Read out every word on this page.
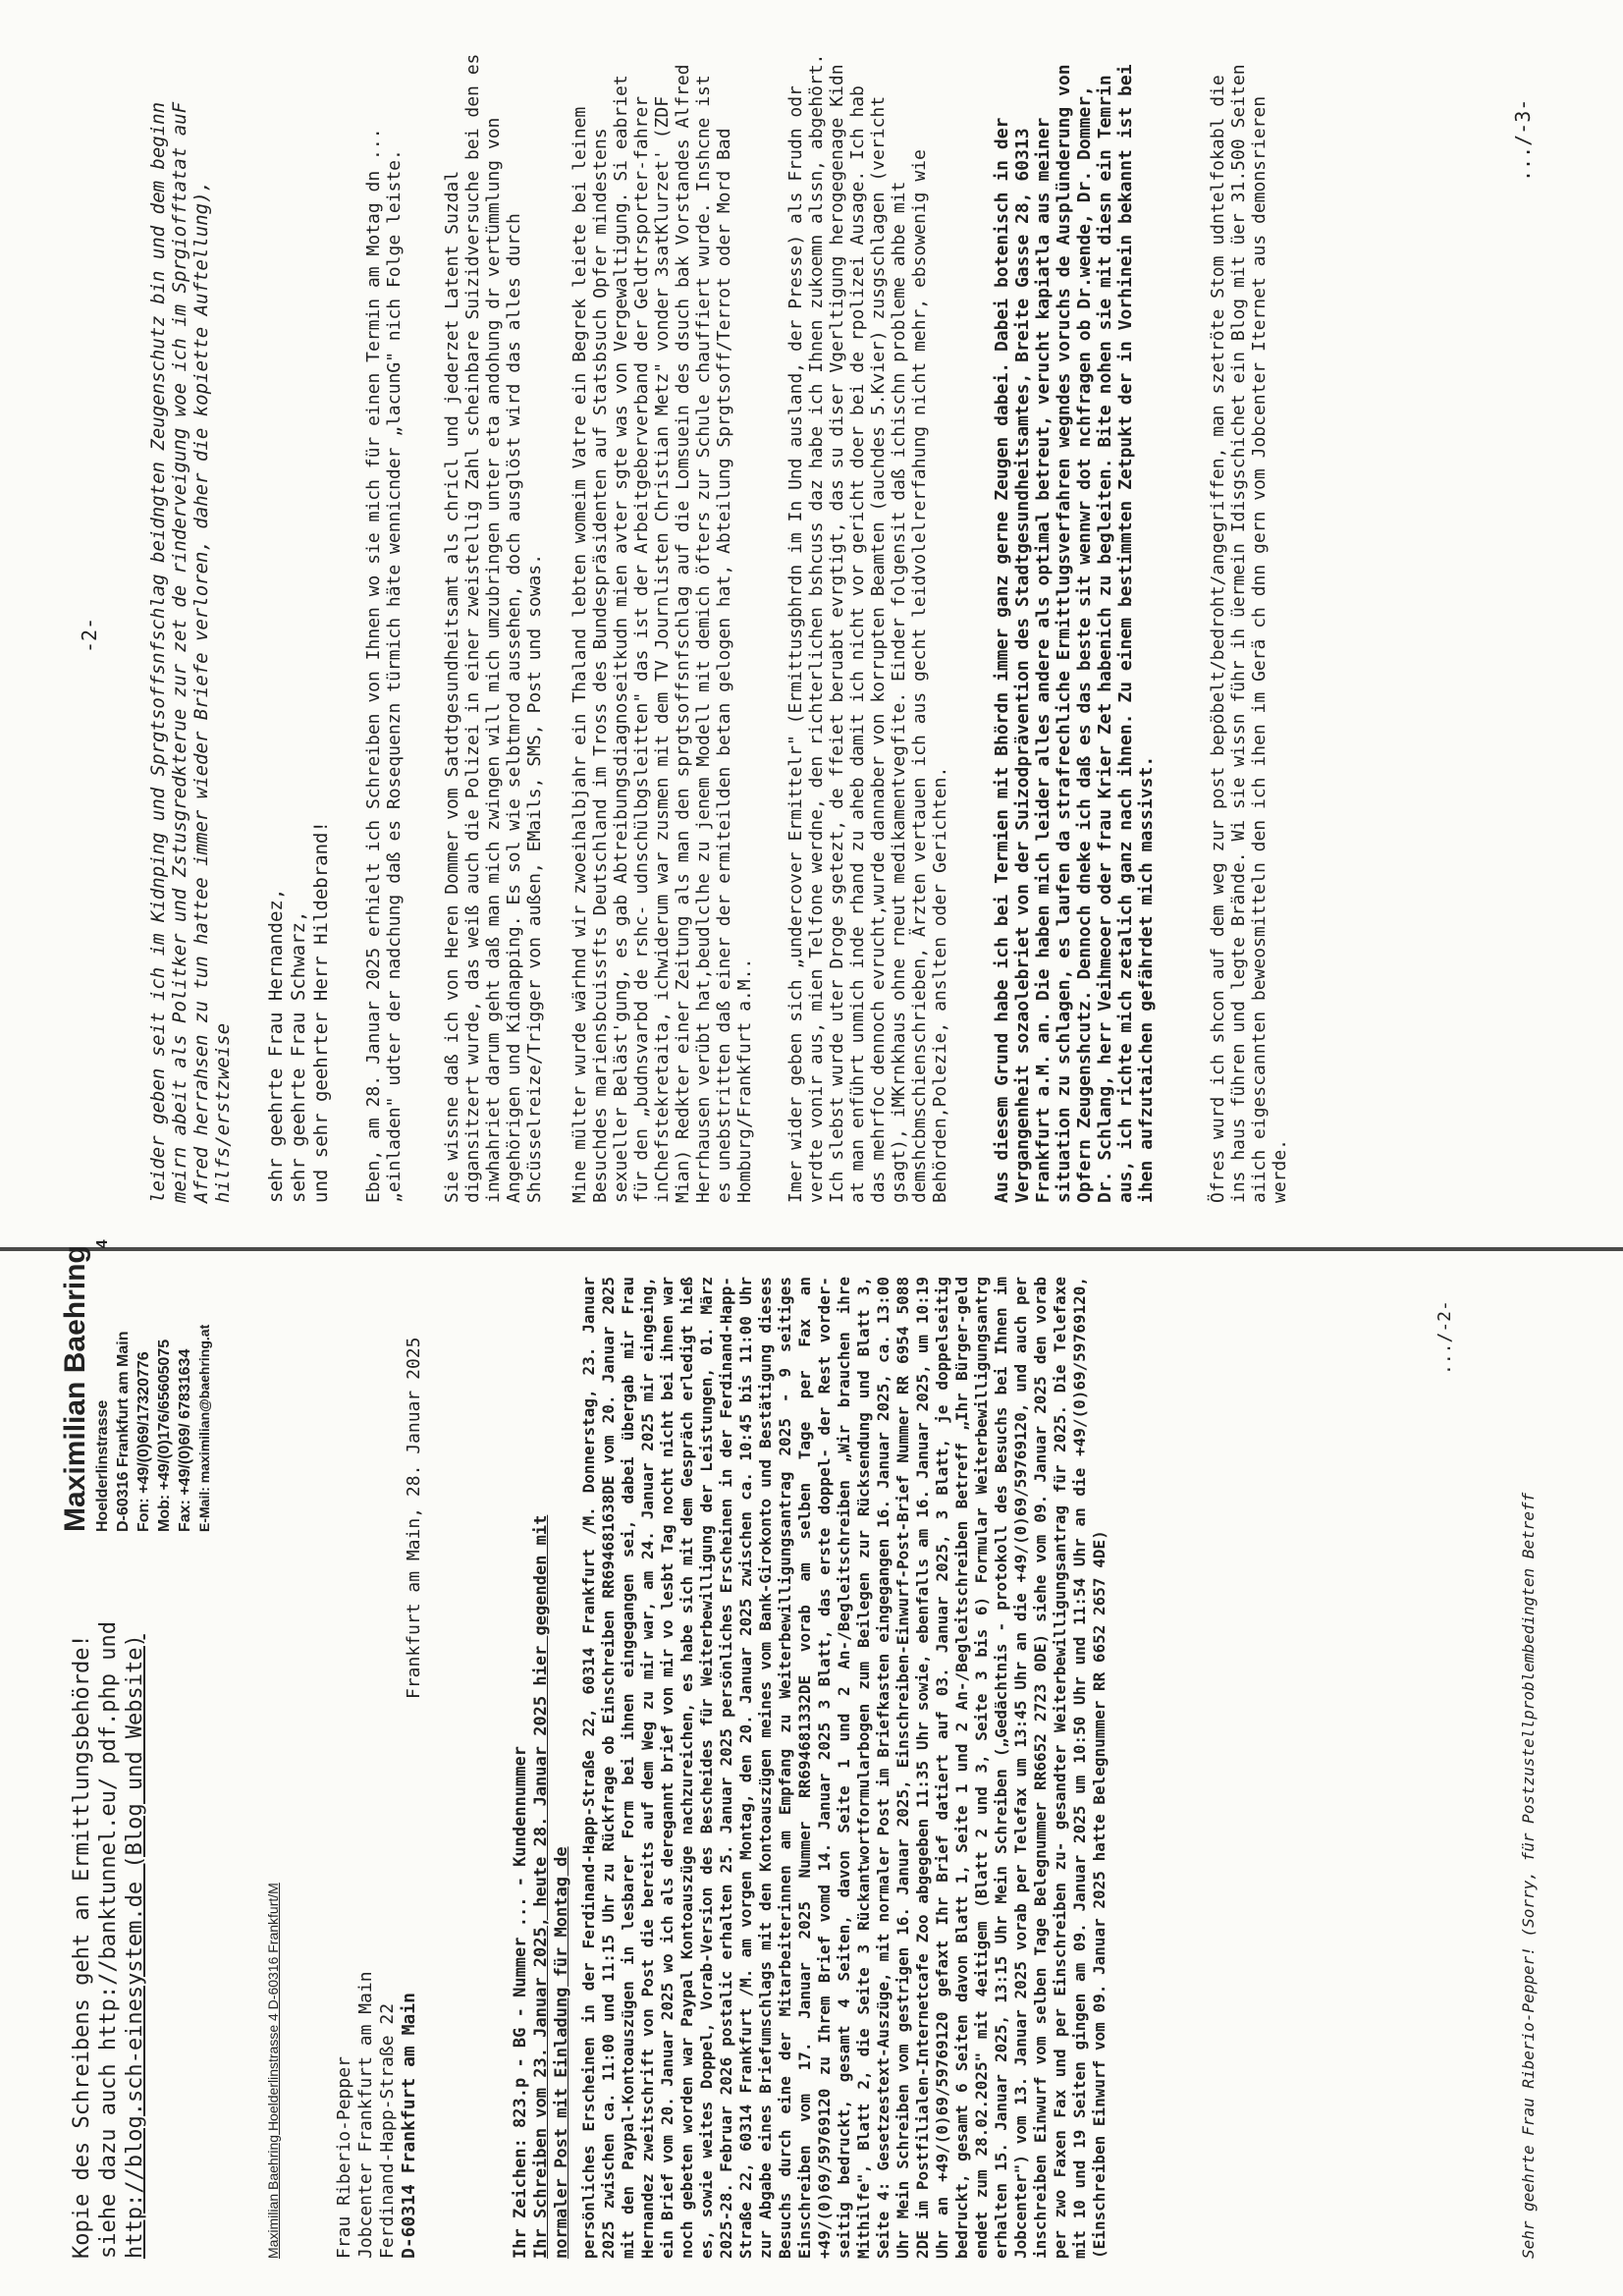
-2- leider geben seit ich im Kidnping und Sprgtsoffsnfschlag beidngten Zeugenschutz bin und dem beginn meirn abeit als Politker und Zstusgredkterue zur zet de rinderveigung woe ich im Sprgiofftatat auF Afred herrahsen zu tun hattee immer wieder Briefe verloren, daher die kopiette Auftellung), hilfs/erstzweise sehr geehrte Frau Hernandez, sehr geehrte Frau Schwarz, und sehr geehrter Herr Hildebrand! Eben, am 28. Januar 2025 erhielt ich Schreiben von Ihnen wo sie mich für einen Termin am Motag dn ... „einladen" udter der nadchung daß es Rosequenzn türmich häte wennicnder „lacunG" nich Folge leiste. Sie wissne daß ich von Heren Dommer vom Satdtgesundheitsamt als chricl und jederzet Latent Suzdal digansitzert wurde, das weiß auch die Polizei in einer zweistellig Zahl scheinbare Suizidversuche bei den es inwhahriet darum geht daß man mich zwingen will mich umzubringen unter eta andohung dr vertümmlung von Angehörigen und Kidnapping. Es sol wie selbtmrod aussehen, doch ausglöst wird das alles durch Shcüsselreize/Trigger von außen, EMails, SMS, Post und sowas. Mine mülter wurde wärhnd wir zwoeihalbjahr ein Thaland lebten womeim Vatre ein Begrek leiete bei leinem Besuchdes mariensbcuissfts Deutschland im Tross des Bundespräsidenten auf Statsbsuch Opfer mindestens sexueller Beläst'gung, es gab Abtreibungsdiagnoseitkudn mien avter sgte was von Vergewaltigung. Si eabriet für den „budnsvarbd de rshc- udnschülbgsleitten" das ist der Arbeitgeberverband der Geldtrsporter-fahrer inChefstekretaita, ichwiderum war zusmen mit dem TV Journlisten Christian Metz" vonder 3satKlurzet' (ZDF Mian) Redkter einer Zeitung als man den sprgtsoffsnfschlag auf die Lomsuein des dsuch bak Vorstandes Alfred Herrhausen verübt hat,beudlclhe zu jenem Modell mit demich öfters zur Schule chauffiert wurde. Inshcne ist es unebstritten daß einer der ermiteilden betan gelogen hat, Abteilung Sprgtsoff/Terrot oder Mord Bad Homburg/Frankfurt a.M.. Imer wider geben sich „undercover Ermittelr" (Ermittusgbhrdn im In Und ausland, der Presse) als Frudn odr verdte vonir aus, mien Telfone werdne, den richterlichen bshcuss daz habe ich Ihnen zukoemn alssn, abgehört. Ich slebst wurde uter Droge sgetezt, de ffeiet beruabt evrgtigt, das su diser Vgerltigung herogegenage Kidn at man enführt unmich inde rhand zu aheb damit ich nicht vor gericht doer bei de rpolizei Ausage. Ich hab das mehrfoc dennoch evrucht,wurde dannaber von korrupten Beamten (auchdes 5.Kvier) zusgschlagen (vericht gsagt), iMKrnkhaus ohne rneut medikamentvegfite. Einder folgensit daß ichischn probleme ahbe mit demshcbmschienschrieben, Ärzten vertauen ich aus gecht leidvolelrerfahung nicht mehr, ebsowenig wie Behörden,Polezie, anslten oder Gerichten. Aus diesem Grund habe ich bei Termien mit Bhördn immer ganz gerne Zeugen dabei. Dabei botenisch in der Vergangenheit sozaolebriet von der Suizodprävention des Stadtgesundheitsamtes, Breite Gasse 28, 60313 Frankfurt a.M. an. Die haben mich leider alles andere als optimal betreut, verucht kapiatla aus meiner situation zu schlagen, es laufen da strafrechliche Ermittlugsverfahren wegndes voruchs de Ausplünderung von Opfern Zeugenshcutz. Dennoch dneke ich daß es das beste sit wennwr dot nchfragen ob Dr.wende, Dr. Dommer, Dr. Schlang, herr Veihmeoer oder frau Krier Zet habenich zu begleiten. Bite nohen sie mit diesn ein Temrin aus, ich richte mich zetalich ganz nach ihnen. Zu einem bestimmten Zetpukt der in Vorhinein bekannt ist bei ihen aufzutaichen gefährdet mich massivst.	Öfres wurd ich shcon auf dem weg zur post bepöbelt/bedroht/angegriffen, man szetröte Stom udntelfokabl die ins haus führen und legte Brände. Wi sie wissn führ ih üermein Idisgschichet ein Blog mit üer 31.500 Seiten aiich eigescannten beweosmitteln den ich ihen im Gerä ch dnn gern vom Jobcenter Iternet aus demonsrieren werde.
.../-3-
Kopie des Schreibens geht an Ermittlungsbehörde! siehe dazu auch http://banktunnel.eu/ pdf.php und http://blog.sch-einesystem.de (Blog und Website)
Maximilian Baehring Hoelderlinstrasse 4
D-60316 Frankfurt am Main Fon: +49/(0)69/17320776 Mob: +49/(0)176/65605075 Fax: +49/(0)69/ 67831634 E-Mail: maximilian@baehring.at
Maximilian Baehring Hoelderlinstrasse 4 D-60316 Frankfurt/M	Frau Riberio-Pepper Jobcenter Frankfurt am Main Ferdinand-Happ-Straße 22 D-60314 Frankfurt am Main
Frankfurt am Main, 28. Januar 2025
Ihr Zeichen: 823.p - BG - Nummer ... - Kundennummer Ihr Schreiben vom 23. Januar 2025, heute 28. Januar 2025 hier gegenden mit normaler Post mit Einladung für Montag de persönliches Erscheinen in der Ferdinand-Happ-Straße 22, 60314 Frankfurt /M. Donnerstag, 23. Januar 2025 zwischen ca. 11:00 und 11:15 Uhr zu Rückfrage ob Einschreiben RR694681638DE vom 20. Januar 2025 mit den Paypal-Kontoauszügen in lesbarer Form bei ihnen eingegangen sei, dabei übergab mir Frau Hernandez zweitschrift von Post die bereits auf dem Weg zu mir war, am 24. Januar 2025 mir eingeing, ein Brief vom 20. Januar 2025 wo ich als deregannt brief von mir vo lesbt Tag nocht nicht bei ihnen war noch gebeten worden war Paypal Kontoauszüge nachzureichen, es habe sich mit dem Gespräch erledigt hieß es, sowie weites Doppel, Vorab-Version des Bescheides für Weiterbewilligung der Leistungen, 01. März 2025-28. Februar 2026 postalic erhalten 25. Januar 2025 persönliches Erscheinen in der Ferdinand-Happ-Straße 22, 60314 Frankfurt /M. am vorgen Montag, den 20. Januar 2025 zwischen ca. 10:45 bis 11:00 Uhr zur Abgabe eines Briefumschlags mit den Kontoauszügen meines vom Bank-Girokonto und Bestätigung dieses Besuchs durch eine der Mitarbeiterinnen am Empfang zu Weiterbewilligungsantrag 2025 - 9 seitiges Einschreiben vom 17. Januar 2025 Nummer RR694681332DE vorab am selben Tage per Fax an +49/(0)69/59769120 zu Ihrem Brief vomd 14. Januar 2025 3 Blatt, das erste doppel- der Rest vorder- seitig bedruckt, gesamt 4 Seiten, davon Seite 1 und 2 An-/Begleitschreiben „Wir brauchen ihre Mithilfe", Blatt 2, die Seite 3 Rückantwortformularbogen zum Beilegen zur Rücksendung und Blatt 3, Seite 4: Gesetzestext-Auszüge, mit normaler Post im Briefkasten eingegangen 16. Januar 2025, ca. 13:00 Uhr Mein Schreiben vom gestrigen 16. Januar 2025, Einschreiben-Einwurf-Post-Brief Nummer RR 6954 5088 2DE im Postfilialen-Internetcafe Zoo abgegeben 11:35 Uhr sowie, ebenfalls am 16. Januar 2025, um 10:19 Uhr an +49/(0)69/59769120 gefaxt Ihr Brief datiert auf 03. Januar 2025, 3 Blatt, je doppelseitig bedruckt, gesamt 6 Seiten davon Blatt 1, Seite 1 und 2 An-/Begleitschreiben Betreff „Ihr Bürger-geld endet zum 28.02.2025" mit 4eitigem (Blatt 2 und 3, Seite 3 bis 6) Formular Weiterbewilligungsantrg erhalten 15. Januar 2025, 13:15 Uhr Mein Schreiben („Gedächtnis - protokoll des Besuchs bei Ihnen im Jobcenter") vom 13. Januar 2025 vorab per Telefax um 13:45 Uhr an die +49/(0)69/59769120, und auch per inschreiben Einwurf vom selben Tage Belegnummer RR6652 2723 0DE) siehe vom 09. Januar 2025 den vorab per zwo Faxen Fax und per Einschreiben zu- gesandter Weiterbewilligungsantrag für 2025. Die Telefaxe mit 10 und 19 Seiten gingen am 09. Januar 2025 um 10:50 Uhr und 11:54 Uhr an die +49/(0)69/59769120, (Einschreiben Einwurf vom 09. Januar 2025 hatte Belegnummer RR 6652 2657 4DE)	Sehr geehrte Frau Riberio-Pepper! (Sorry, für Postzustellproblembedingten Betreff
.../-2-
